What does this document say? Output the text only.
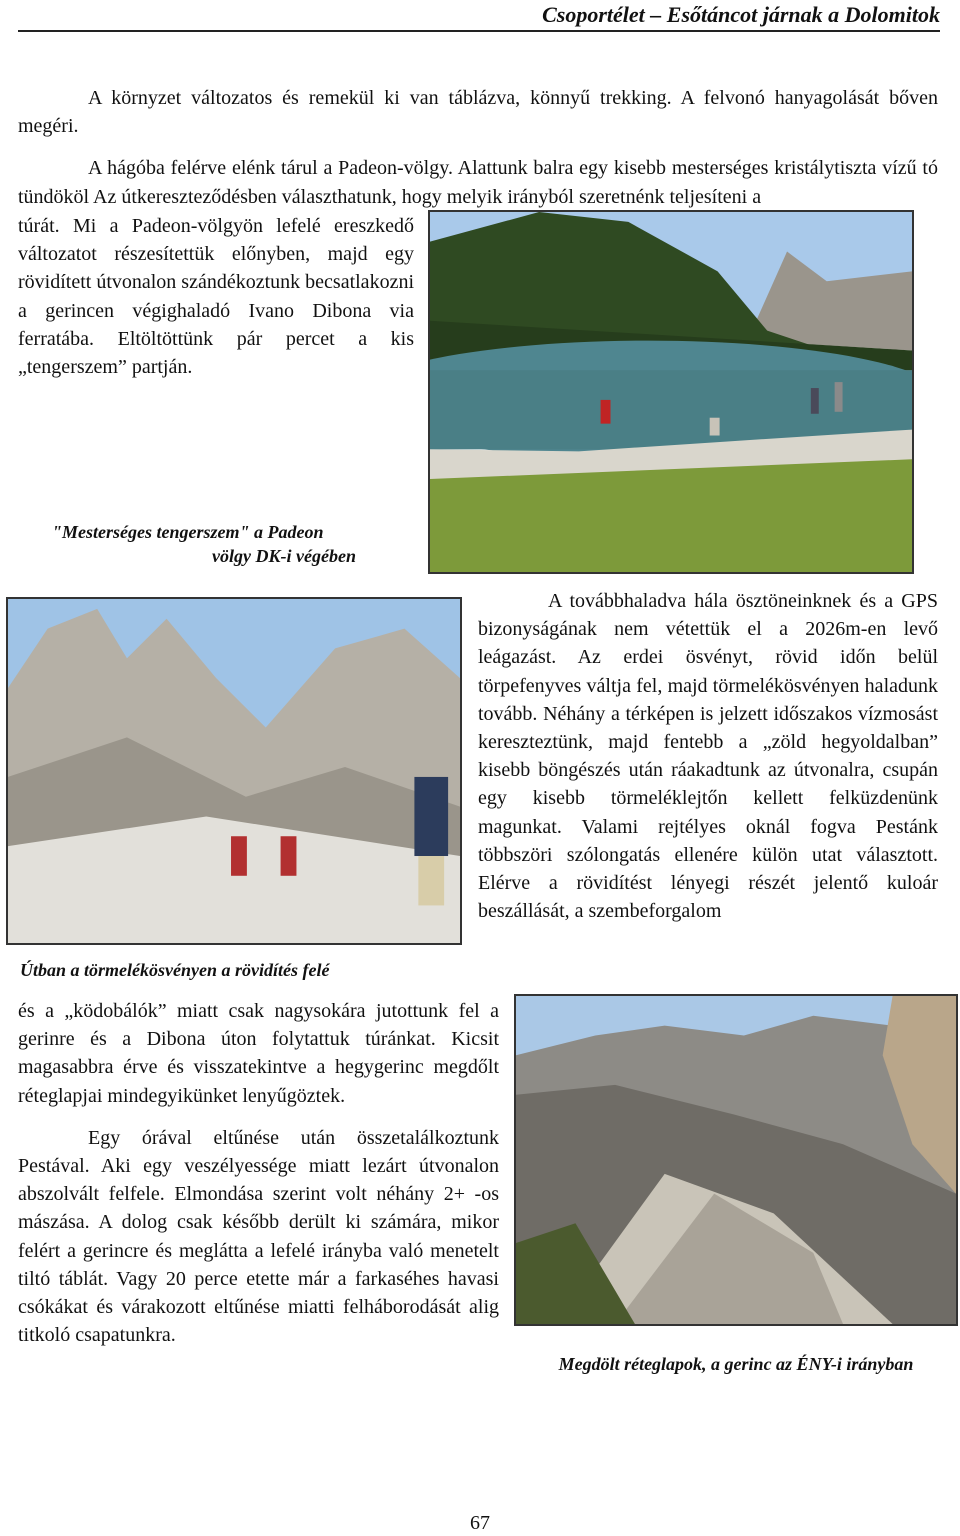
Csoportélet – Esőtáncot járnak a Dolomitok

A környzet változatos és remekül ki van táblázva, könnyű trekking. A felvonó hanyagolását bőven megéri.

A hágóba felérve elénk tárul a Padeon-völgy. Alattunk balra egy kisebb mesterséges kristálytiszta vízű tó tündököl Az útkereszteződésben választhatunk, hogy melyik irányból szeretnénk teljesíteni a

túrát. Mi a Padeon-völgyön lefelé ereszkedő változatot részesítettük előnyben, majd egy rövidített útvonalon szándékoztunk becsatlakozni a gerincen végighaladó Ivano Dibona via ferratába. Eltöltöttünk pár percet a kis „tengerszem” partján.

"Mesterséges tengerszem" a Padeon
völgy DK-i végében
Útban a törmelékösvényen a rövidítés felé

A továbbhaladva hála ösztöneinknek és a GPS bizonyságának nem vétettük el a 2026m-en levő leágazást. Az erdei ösvényt, rövid időn belül törpefenyves váltja fel, majd törmelékösvényen haladunk tovább. Néhány a térképen is jelzett időszakos vízmosást kereszteztünk, majd fentebb a „zöld hegyoldalban” kisebb böngészés után ráakadtunk az útvonalra, csupán egy kisebb törmeléklejtőn kellett felküzdenünk magunkat. Valami rejtélyes oknál fogva Pestánk többszöri szólongatás ellenére külön utat választott. Elérve a rövidítést lényegi részét jelentő kuloár beszállását, a szembeforgalom

és a „ködobálók” miatt csak nagysokára jutottunk fel a gerinre és a Dibona úton folytattuk túránkat. Kicsit magasabbra érve és visszatekintve a hegygerinc megdőlt réteglapjai mindegyikünket lenyűgöztek.

Egy órával eltűnése után összetalálkoztunk Pestával. Aki egy veszélyessége miatt lezárt útvonalon abszolvált felfele. Elmondása szerint volt néhány 2+ -os mászása. A dolog csak később derült ki számára, mikor felért a gerincre és meglátta a lefelé irányba való menetelt tiltó táblát. Vagy 20 perce etette már a farkaséhes havasi csókákat és várakozott eltűnése miatti felháborodását alig titkoló csapatunkra.

Megdölt réteglapok, a gerinc az ÉNY-i irányban
67
